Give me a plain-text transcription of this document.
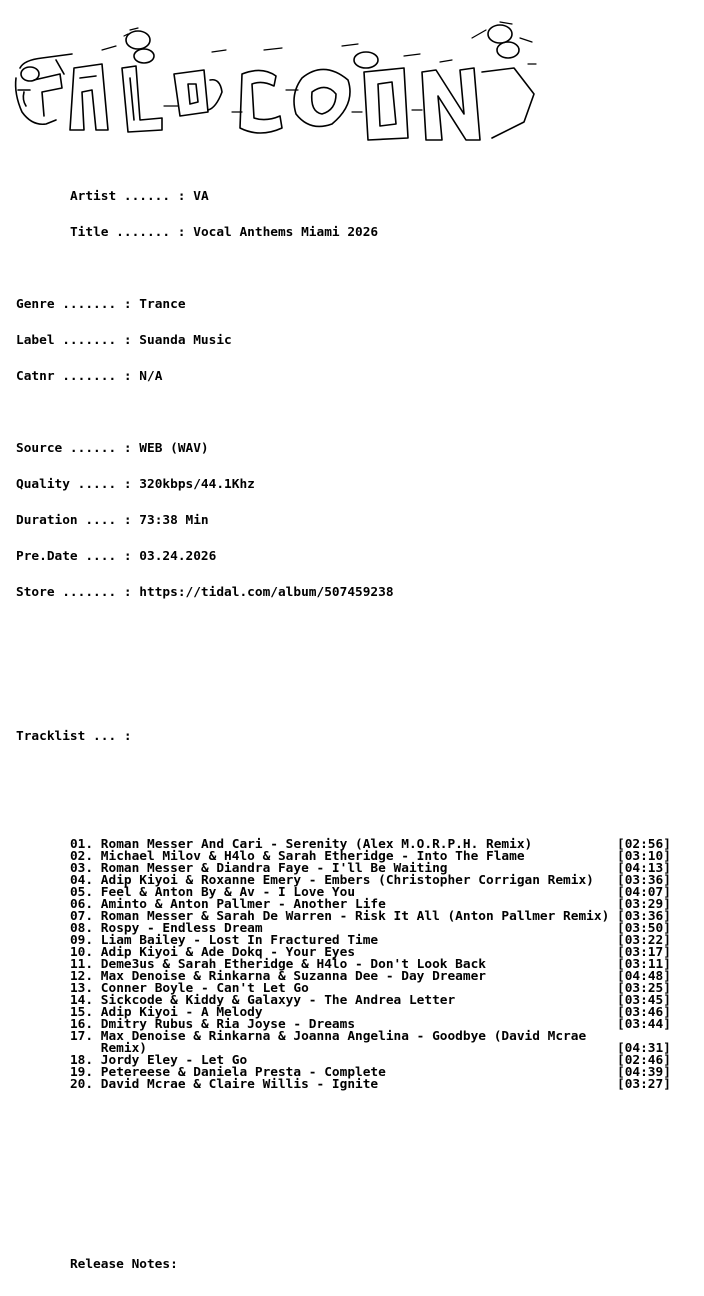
Artist ...... : VA

Title ....... : Vocal Anthems Miami 2026

Genre ....... : Trance

Label ....... : Suanda Music

Catnr ....... : N/A

Source ...... : WEB (WAV)

Quality ..... : 320kbps/44.1Khz

Duration .... : 73:38 Min

Pre.Date .... : 03.24.2026

Store ....... : https://tidal.com/album/507459238

Tracklist ... :

01. Roman Messer And Cari - Serenity (Alex M.O.R.P.H. Remix)	[02:56]
02. Michael Milov & H4lo & Sarah Etheridge - Into The Flame	[03:10]
03. Roman Messer & Diandra Faye - I'll Be Waiting	[04:13]
04. Adip Kiyoi & Roxanne Emery - Embers (Christopher Corrigan Remix) [03:36]
05. Feel & Anton By & Av - I Love You	[04:07]
06. Aminto & Anton Pallmer - Another Life	[03:29]
07. Roman Messer & Sarah De Warren - Risk It All (Anton Pallmer Remix) [03:36]
08. Rospy - Endless Dream	[03:50]
09. Liam Bailey - Lost In Fractured Time	[03:22]
10. Adip Kiyoi & Ade Dokq - Your Eyes	[03:17]
11. Deme3us & Sarah Etheridge & H4lo - Don't Look Back	[03:11]
12. Max Denoise & Rinkarna & Suzanna Dee - Day Dreamer	[04:48]
13. Conner Boyle - Can't Let Go	[03:25]
14. Sickcode & Kiddy & Galaxyy - The Andrea Letter	[03:45]
15. Adip Kiyoi - A Melody	[03:46]
16. Dmitry Rubus & Ria Joyse - Dreams	[03:44]
17. Max Denoise & Rinkarna & Joanna Angelina - Goodbye (David Mcrae
Remix)	[04:31]
18. Jordy Eley - Let Go	[02:46]
19. Petereese & Daniela Presta - Complete	[04:39]
20. David Mcrae & Claire Willis - Ignite	[03:27]

Release Notes:
